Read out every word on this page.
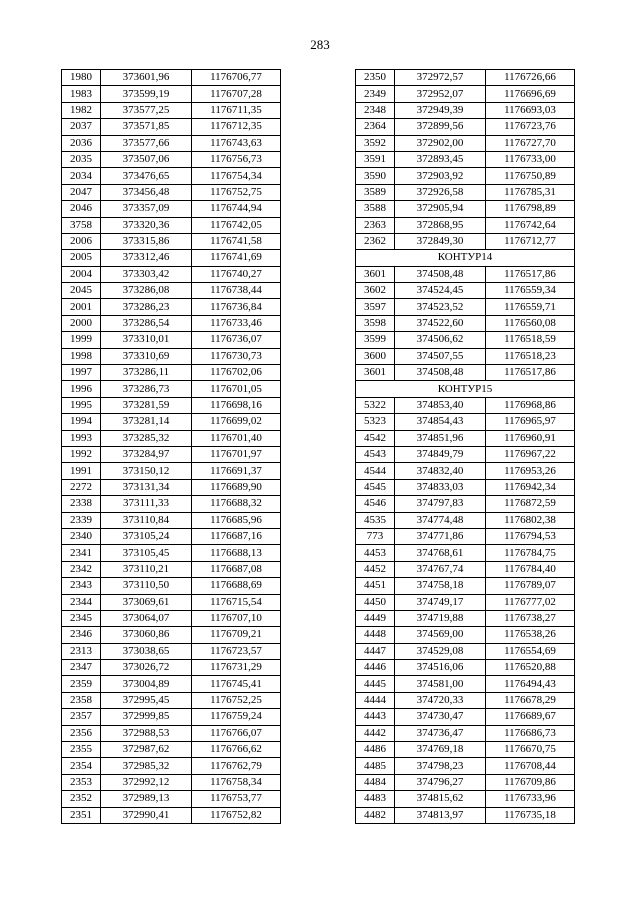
283
1980	373601,96	1176706,77
1983	373599,19	1176707,28
1982	373577,25	1176711,35
2037	373571,85	1176712,35
2036	373577,66	1176743,63
2035	373507,06	1176756,73
2034	373476,65	1176754,34
2047	373456,48	1176752,75
2046	373357,09	1176744,94
3758	373320,36	1176742,05
2006	373315,86	1176741,58
2005	373312,46	1176741,69
2004	373303,42	1176740,27
2045	373286,08	1176738,44
2001	373286,23	1176736,84
2000	373286,54	1176733,46
1999	373310,01	1176736,07
1998	373310,69	1176730,73
1997	373286,11	1176702,06
1996	373286,73	1176701,05
1995	373281,59	1176698,16
1994	373281,14	1176699,02
1993	373285,32	1176701,40
1992	373284,97	1176701,97
1991	373150,12	1176691,37
2272	373131,34	1176689,90
2338	373111,33	1176688,32
2339	373110,84	1176685,96
2340	373105,24	1176687,16
2341	373105,45	1176688,13
2342	373110,21	1176687,08
2343	373110,50	1176688,69
2344	373069,61	1176715,54
2345	373064,07	1176707,10
2346	373060,86	1176709,21
2313	373038,65	1176723,57
2347	373026,72	1176731,29
2359	373004,89	1176745,41
2358	372995,45	1176752,25
2357	372999,85	1176759,24
2356	372988,53	1176766,07
2355	372987,62	1176766,62
2354	372985,32	1176762,79
2353	372992,12	1176758,34
2352	372989,13	1176753,77
2351	372990,41	1176752,82
2350	372972,57	1176726,66
2349	372952,07	1176696,69
2348	372949,39	1176693,03
2364	372899,56	1176723,76
3592	372902,00	1176727,70
3591	372893,45	1176733,00
3590	372903,92	1176750,89
3589	372926,58	1176785,31
3588	372905,94	1176798,89
2363	372868,95	1176742,64
2362	372849,30	1176712,77
КОНТУР14		
3601	374508,48	1176517,86
3602	374524,45	1176559,34
3597	374523,52	1176559,71
3598	374522,60	1176560,08
3599	374506,62	1176518,59
3600	374507,55	1176518,23
3601	374508,48	1176517,86
КОНТУР15		
5322	374853,40	1176968,86
5323	374854,43	1176965,97
4542	374851,96	1176960,91
4543	374849,79	1176967,22
4544	374832,40	1176953,26
4545	374833,03	1176942,34
4546	374797,83	1176872,59
4535	374774,48	1176802,38
773	374771,86	1176794,53
4453	374768,61	1176784,75
4452	374767,74	1176784,40
4451	374758,18	1176789,07
4450	374749,17	1176777,02
4449	374719,88	1176738,27
4448	374569,00	1176538,26
4447	374529,08	1176554,69
4446	374516,06	1176520,88
4445	374581,00	1176494,43
4444	374720,33	1176678,29
4443	374730,47	1176689,67
4442	374736,47	1176686,73
4486	374769,18	1176670,75
4485	374798,23	1176708,44
4484	374796,27	1176709,86
4483	374815,62	1176733,96
4482	374813,97	1176735,18
